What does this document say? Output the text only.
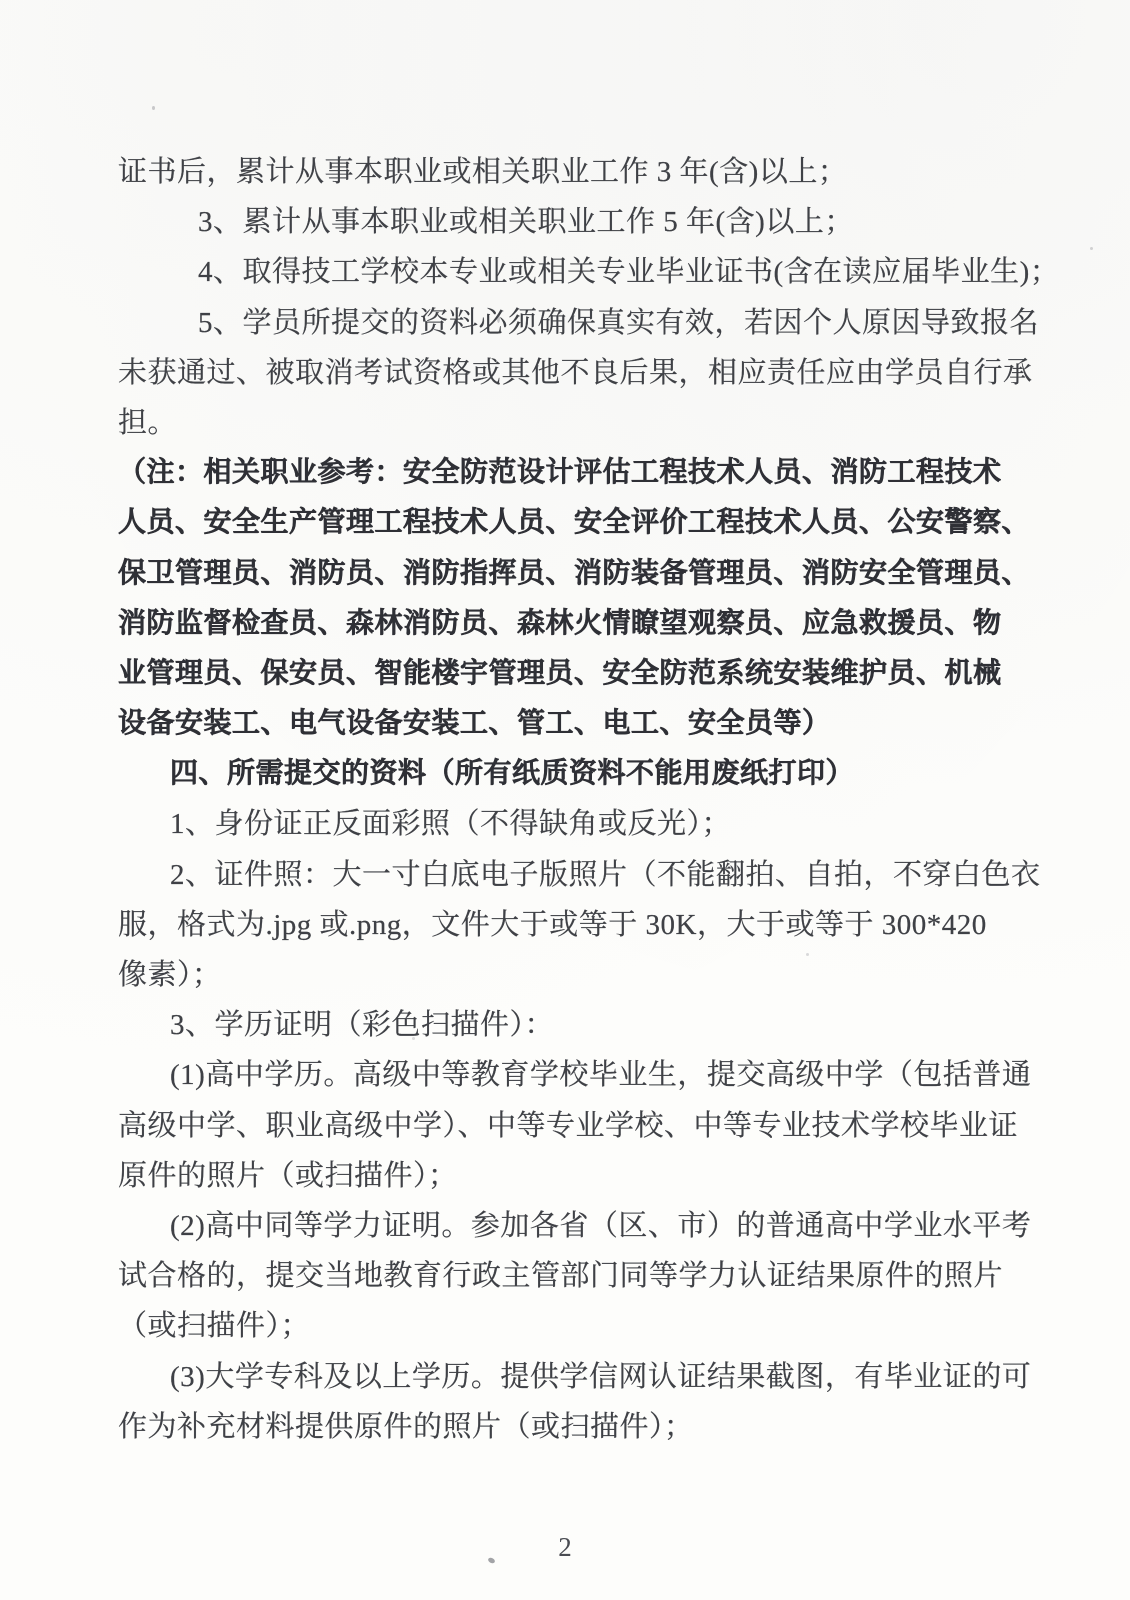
证书后，累计从事本职业或相关职业工作 3 年(含)以上；
3、累计从事本职业或相关职业工作 5 年(含)以上；
4、取得技工学校本专业或相关专业毕业证书(含在读应届毕业生)；
5、学员所提交的资料必须确保真实有效，若因个人原因导致报名
未获通过、被取消考试资格或其他不良后果，相应责任应由学员自行承
担。
（注：相关职业参考：安全防范设计评估工程技术人员、消防工程技术
人员、安全生产管理工程技术人员、安全评价工程技术人员、公安警察、
保卫管理员、消防员、消防指挥员、消防装备管理员、消防安全管理员、
消防监督检查员、森林消防员、森林火情瞭望观察员、应急救援员、物
业管理员、保安员、智能楼宇管理员、安全防范系统安装维护员、机械
设备安装工、电气设备安装工、管工、电工、安全员等）
四、所需提交的资料（所有纸质资料不能用废纸打印）
1、身份证正反面彩照（不得缺角或反光）；
2、证件照：大一寸白底电子版照片（不能翻拍、自拍，不穿白色衣
服，格式为.jpg 或.png，文件大于或等于 30K，大于或等于 300*420
像素）；
3、学历证明（彩色扫描件）：
(1)高中学历。高级中等教育学校毕业生，提交高级中学（包括普通
高级中学、职业高级中学）、中等专业学校、中等专业技术学校毕业证
原件的照片（或扫描件）；
(2)高中同等学力证明。参加各省（区、市）的普通高中学业水平考
试合格的，提交当地教育行政主管部门同等学力认证结果原件的照片
（或扫描件）；
(3)大学专科及以上学历。提供学信网认证结果截图，有毕业证的可
作为补充材料提供原件的照片（或扫描件）；
2
